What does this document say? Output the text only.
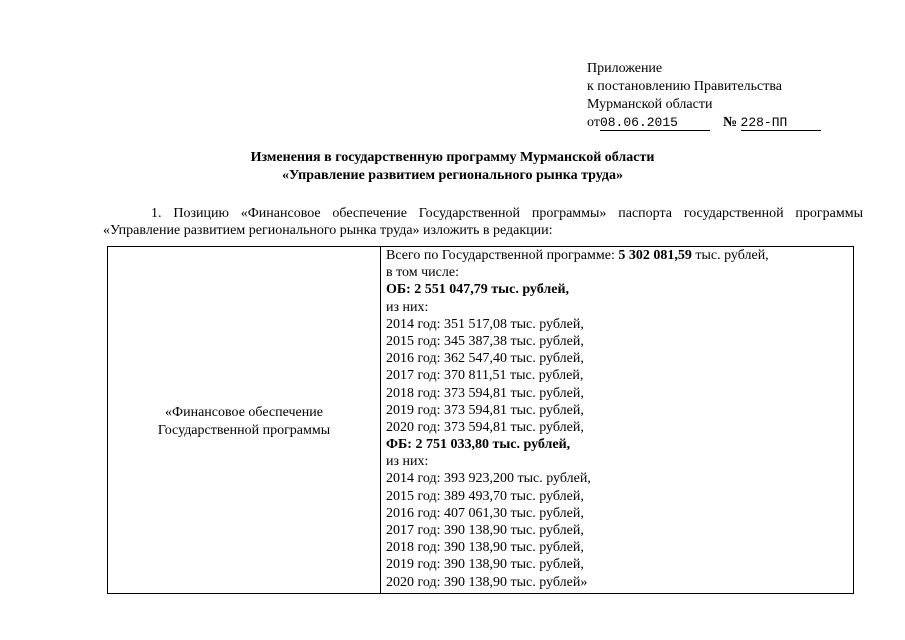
Приложение
к постановлению Правительства
Мурманской области
от08.06.2015	№ 228-ПП
Изменения в государственную программу Мурманской области
«Управление развитием регионального рынка труда»
1. Позицию «Финансовое обеспечение Государственной программы» паспорта государственной программы
«Управление развитием регионального рынка труда» изложить в редакции:
«Финансовое обеспечение
Государственной программы
Всего по Государственной программе: 5 302 081,59 тыс. рублей,
в том числе:
ОБ: 2 551 047,79 тыс. рублей,
из них:
2014 год: 351 517,08 тыс. рублей,
2015 год: 345 387,38 тыс. рублей,
2016 год: 362 547,40 тыс. рублей,
2017 год: 370 811,51 тыс. рублей,
2018 год: 373 594,81 тыс. рублей,
2019 год: 373 594,81 тыс. рублей,
2020 год: 373 594,81 тыс. рублей,
ФБ: 2 751 033,80 тыс. рублей,
из них:
2014 год: 393 923,200 тыс. рублей,
2015 год: 389 493,70 тыс. рублей,
2016 год: 407 061,30 тыс. рублей,
2017 год: 390 138,90 тыс. рублей,
2018 год: 390 138,90 тыс. рублей,
2019 год: 390 138,90 тыс. рублей,
2020 год: 390 138,90 тыс. рублей»
